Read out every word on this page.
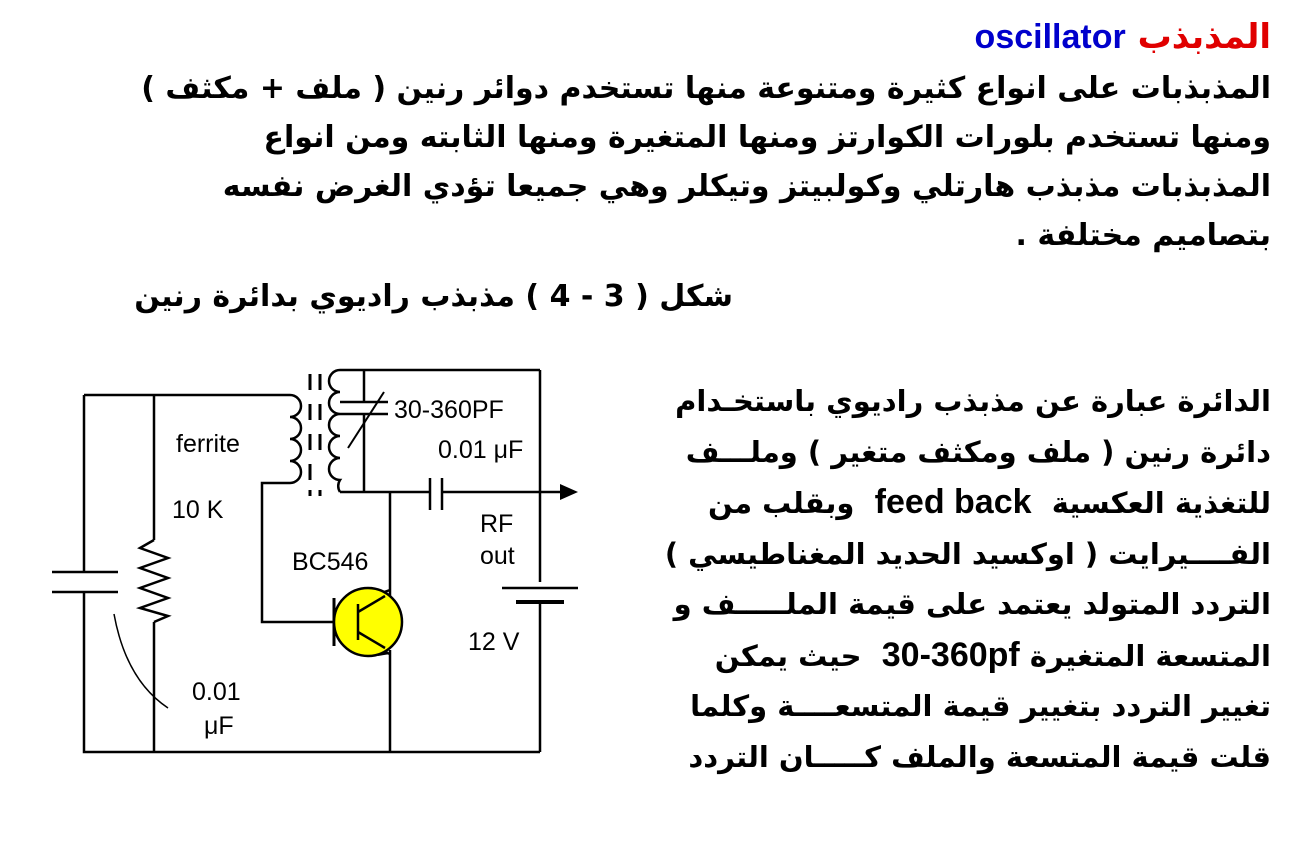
المذبذب oscillator
المذبذبات على انواع كثيرة ومتنوعة منها تستخدم دوائر رنين ( ملف + مكثف )
ومنها تستخدم بلورات الكوارتز ومنها المتغيرة ومنها الثابته ومن انواع
المذبذبات مذبذب هارتلي وكولبيتز وتيكلر وهي جميعا تؤدي الغرض نفسه
بتصاميم مختلفة .
شكل ( 3 - 4 ) مذبذب راديوي بدائرة رنين
الدائرة عبارة عن مذبذب راديوي باستخـدام
دائرة رنين ( ملف ومكثف متغير ) وملـــف
للتغذية العكسية  feed back  وبقلب من
الفــــيرايت ( اوكسيد الحديد المغناطيسي )
التردد المتولد يعتمد على قيمة الملـــــف و
المتسعة المتغيرة 30-360pf  حيث يمكن
تغيير التردد بتغيير قيمة المتسعــــة وكلما
قلت قيمة المتسعة والملف كـــــان التردد
ferrite
30-360PF
0.01 μF
RF
out
10 K
BC546
12 V
0.01
μF
